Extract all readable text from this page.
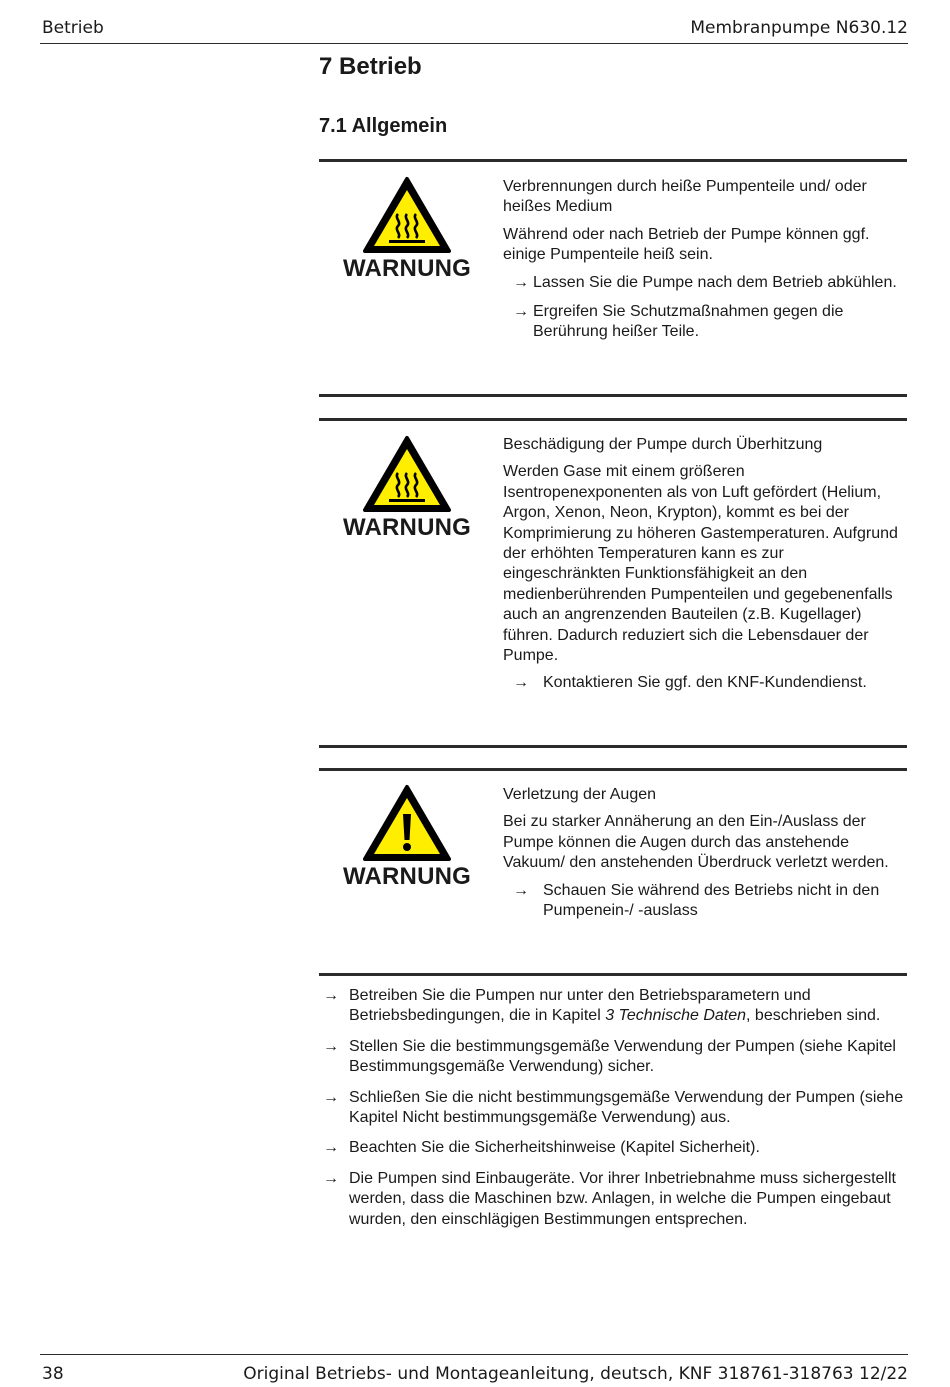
Betrieb	Membranpumpe N630.12
7 Betrieb
7.1 Allgemein
WARNUNG

Verbrennungen durch heiße Pumpenteile und/ oder heißes Medium

Während oder nach Betrieb der Pumpe können ggf. einige Pumpenteile heiß sein.

→ Lassen Sie die Pumpe nach dem Betrieb abkühlen.
→ Ergreifen Sie Schutzmaßnahmen gegen die Berührung heißer Teile.
WARNUNG

Beschädigung der Pumpe durch Überhitzung

Werden Gase mit einem größeren Isentropenexponenten als von Luft gefördert (Helium, Argon, Xenon, Neon, Krypton), kommt es bei der Komprimierung zu höheren Gastemperaturen. Aufgrund der erhöhten Temperaturen kann es zur eingeschränkten Funktionsfähigkeit an den medienberührenden Pumpenteilen und gegebenenfalls auch an angrenzenden Bauteilen (z.B. Kugellager) führen. Dadurch reduziert sich die Lebensdauer der Pumpe.

→ Kontaktieren Sie ggf. den KNF-Kundendienst.
WARNUNG

Verletzung der Augen

Bei zu starker Annäherung an den Ein-/Auslass der Pumpe können die Augen durch das anstehende Vakuum/ den anstehenden Überdruck verletzt werden.

→ Schauen Sie während des Betriebs nicht in den Pumpenein-/ -auslass
→ Betreiben Sie die Pumpen nur unter den Betriebsparametern und Betriebsbedingungen, die in Kapitel 3 Technische Daten, beschrieben sind.
→ Stellen Sie die bestimmungsgemäße Verwendung der Pumpen (siehe Kapitel Bestimmungsgemäße Verwendung) sicher.
→ Schließen Sie die nicht bestimmungsgemäße Verwendung der Pumpen (siehe Kapitel Nicht bestimmungsgemäße Verwendung) aus.
→ Beachten Sie die Sicherheitshinweise (Kapitel Sicherheit).
→ Die Pumpen sind Einbaugeräte. Vor ihrer Inbetriebnahme muss sichergestellt werden, dass die Maschinen bzw. Anlagen, in welche die Pumpen eingebaut wurden, den einschlägigen Bestimmungen entsprechen.
38	Original Betriebs- und Montageanleitung, deutsch, KNF 318761-318763 12/22
